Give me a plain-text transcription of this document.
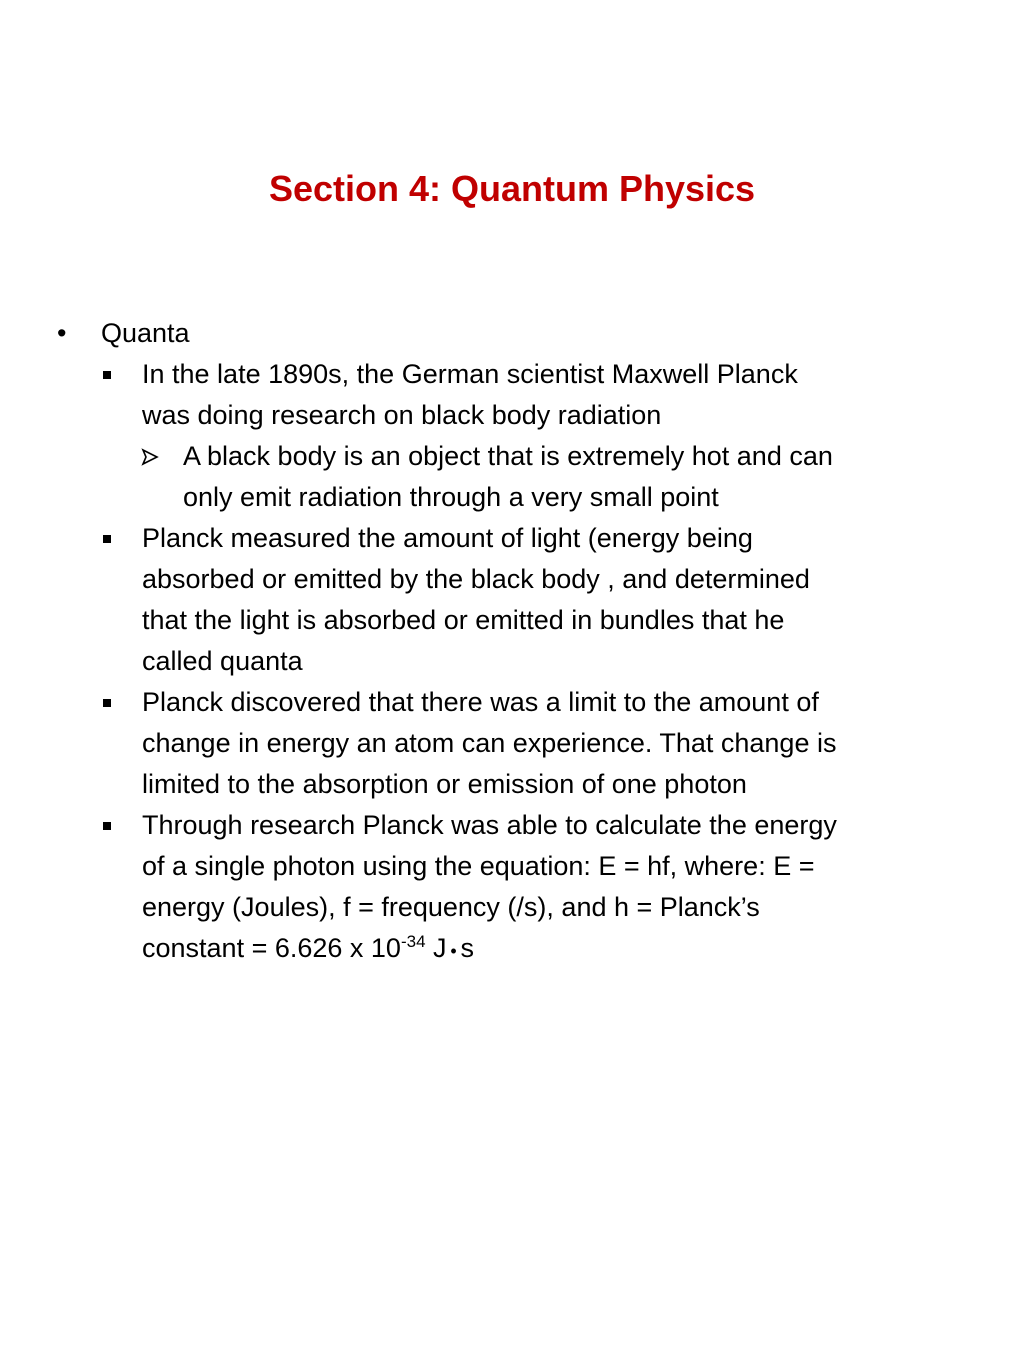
Section 4: Quantum Physics
• Quanta
In the late 1890s, the German scientist Maxwell Planck
was doing research on black body radiation
A black body is an object that is extremely hot and can
only emit radiation through a very small point
Planck measured the amount of light (energy being
absorbed or emitted by the black body , and determined
that the light is absorbed or emitted in bundles that he
called quanta
Planck discovered that there was a limit to the amount of
change in energy an atom can experience. That change is
limited to the absorption or emission of one photon
Through research Planck was able to calculate the energy
of a single photon using the equation: E = hf, where: E =
energy (Joules), f = frequency (/s), and h = Planck’s
constant = 6.626 x $10^{-34}$ J • s
